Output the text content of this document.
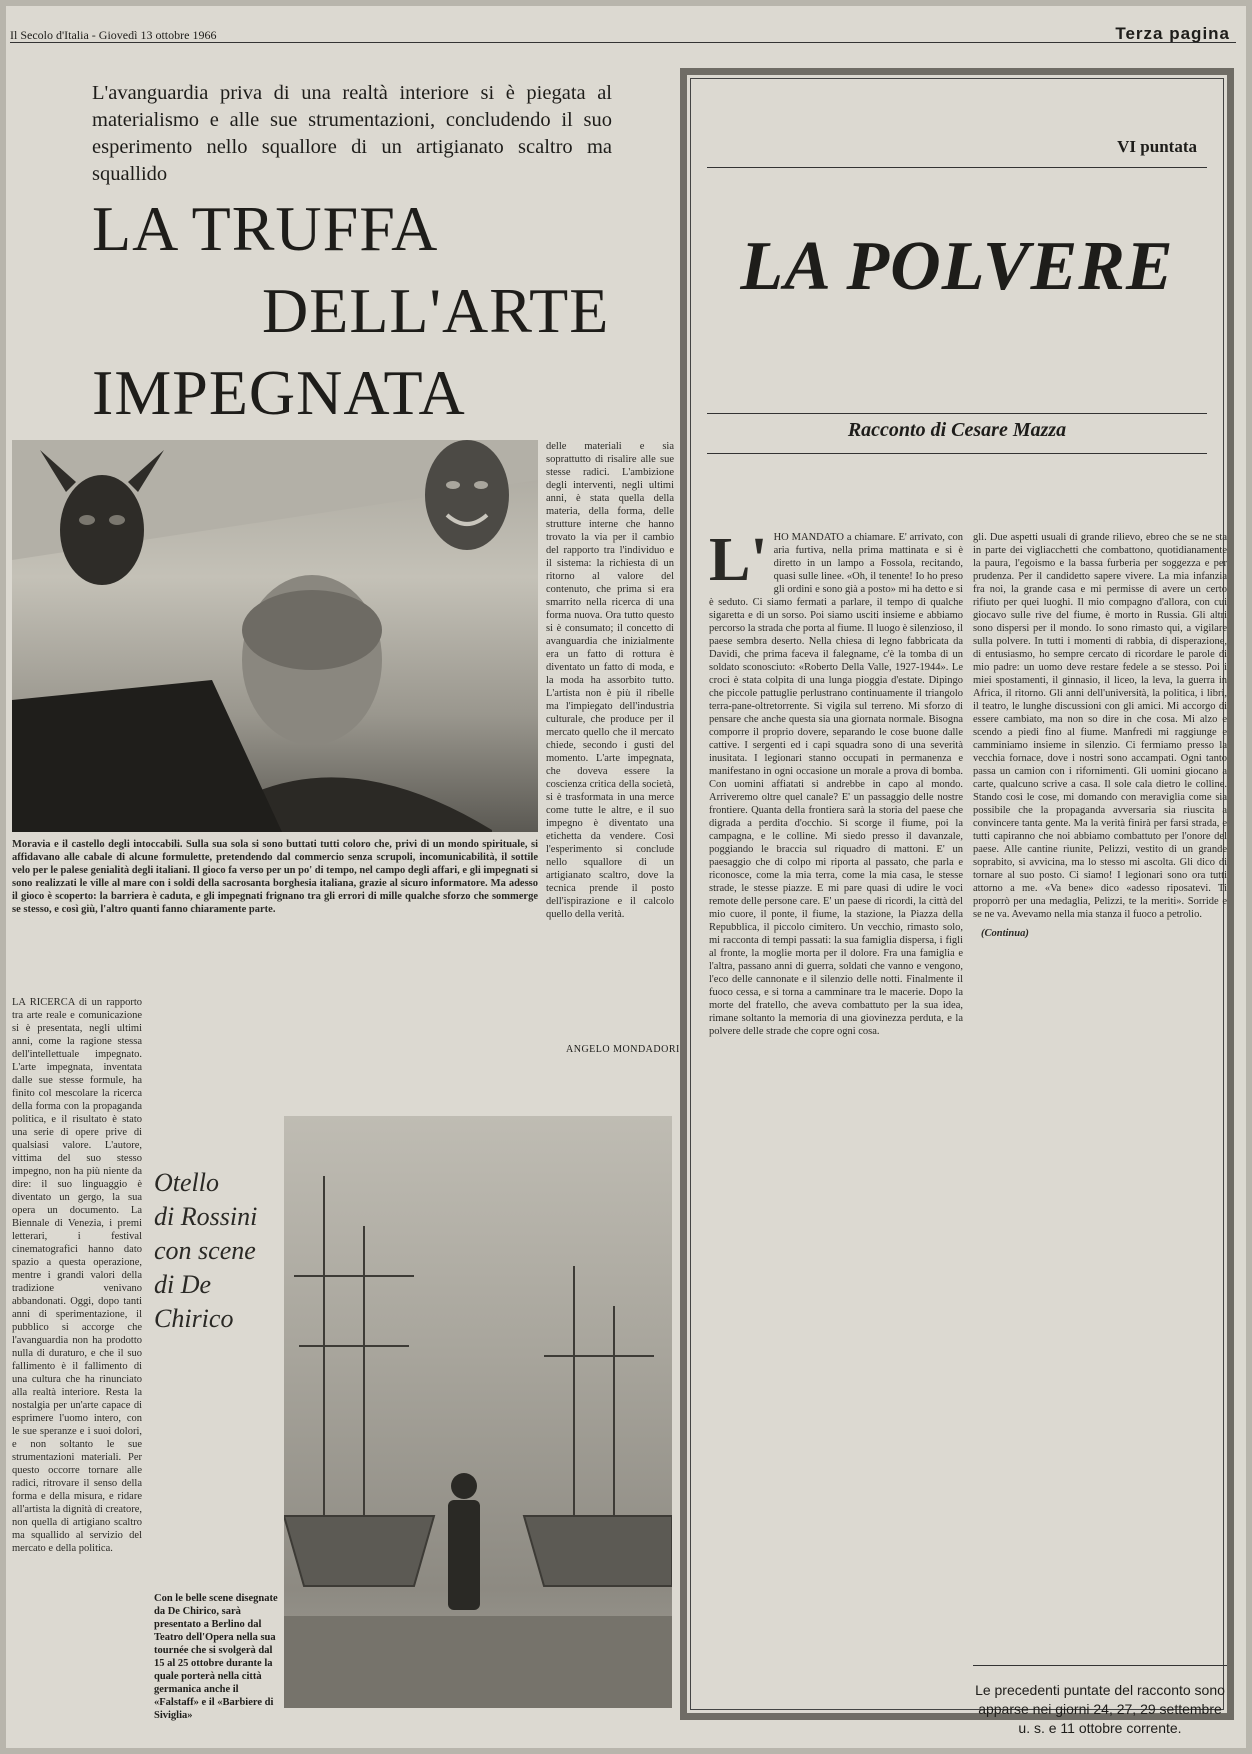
Il Secolo d'Italia - Giovedì 13 ottobre 1966	Terza pagina
L'avanguardia priva di una realtà interiore si è piegata al materialismo e alle sue strumentazioni, concludendo il suo esperimento nello squallore di un artigianato scaltro ma squallido
LA TRUFFA
DELL'ARTE
IMPEGNATA
delle materiali e sia soprattutto di risalire alle sue stesse radici. L'ambizione degli interventi, negli ultimi anni, è stata quella della materia, della forma, delle strutture interne che hanno trovato la via per il cambio del rapporto tra l'individuo e il sistema: la richiesta di un ritorno al valore del contenuto, che prima si era smarrito nella ricerca di una forma nuova. Ora tutto questo si è consumato; il concetto di avanguardia che inizialmente era un fatto di rottura è diventato un fatto di moda, e la moda ha assorbito tutto. L'artista non è più il ribelle ma l'impiegato dell'industria culturale, che produce per il mercato quello che il mercato chiede, secondo i gusti del momento. L'arte impegnata, che doveva essere la coscienza critica della società, si è trasformata in una merce come tutte le altre, e il suo impegno è diventato una etichetta da vendere. Così l'esperimento si conclude nello squallore di un artigianato scaltro, dove la tecnica prende il posto dell'ispirazione e il calcolo quello della verità.
Moravia e il castello degli intoccabili. Sulla sua sola si sono buttati tutti coloro che, privi di un mondo spirituale, si affidavano alle cabale di alcune formulette, pretendendo dal commercio senza scrupoli, incomunicabilità, il sottile velo per le palese genialità degli italiani. Il gioco fa verso per un po' di tempo, nel campo degli affari, e gli impegnati si sono realizzati le ville al mare con i soldi della sacrosanta borghesia italiana, grazie al sicuro informatore. Ma adesso il gioco è scoperto: la barriera è caduta, e gli impegnati frignano tra gli errori di mille qualche sforzo che sommerge se stesso, e così giù, l'altro quanti fanno chiaramente parte.
ANGELO MONDADORI
LA RICERCA di un rapporto tra arte reale e comunicazione si è presentata, negli ultimi anni, come la ragione stessa dell'intellettuale impegnato. L'arte impegnata, inventata dalle sue stesse formule, ha finito col mescolare la ricerca della forma con la propaganda politica, e il risultato è stato una serie di opere prive di qualsiasi valore. L'autore, vittima del suo stesso impegno, non ha più niente da dire: il suo linguaggio è diventato un gergo, la sua opera un documento. La Biennale di Venezia, i premi letterari, i festival cinematografici hanno dato spazio a questa operazione, mentre i grandi valori della tradizione venivano abbandonati. Oggi, dopo tanti anni di sperimentazione, il pubblico si accorge che l'avanguardia non ha prodotto nulla di duraturo, e che il suo fallimento è il fallimento di una cultura che ha rinunciato alla realtà interiore. Resta la nostalgia per un'arte capace di esprimere l'uomo intero, con le sue speranze e i suoi dolori, e non soltanto le sue strumentazioni materiali. Per questo occorre tornare alle radici, ritrovare il senso della forma e della misura, e ridare all'artista la dignità di creatore, non quella di artigiano scaltro ma squallido al servizio del mercato e della politica.
Otello
di Rossini
con scene
di De Chirico
Con le belle scene disegnate da De Chirico, sarà presentato a Berlino dal Teatro dell'Opera nella sua tournée che si svolgerà dal 15 al 25 ottobre durante la quale porterà nella città germanica anche il «Falstaff» e il «Barbiere di Siviglia»
VI puntata
LA POLVERE
Racconto di Cesare Mazza
L' HO MANDATO a chiamare. E' arrivato, con aria furtiva, nella prima mattinata e si è diretto in un lampo a Fossola, recitando, quasi sulle linee. «Oh, il tenente! Io ho preso gli ordini e sono già a posto» mi ha detto e si è seduto. Ci siamo fermati a parlare, il tempo di qualche sigaretta e di un sorso. Poi siamo usciti insieme e abbiamo percorso la strada che porta al fiume. Il luogo è silenzioso, il paese sembra deserto. Nella chiesa di legno fabbricata da Davidi, che prima faceva il falegname, c'è la tomba di un soldato sconosciuto: «Roberto Della Valle, 1927-1944». Le croci è stata colpita di una lunga pioggia d'estate. Dipingo che piccole pattuglie perlustrano continuamente il triangolo terra-pane-oltretorrente. Si vigila sul terreno. Mi sforzo di pensare che anche questa sia una giornata normale. Bisogna comporre il proprio dovere, separando le cose buone dalle cattive. I sergenti ed i capi squadra sono di una severità inusitata. I legionari stanno occupati in permanenza e manifestano in ogni occasione un morale a prova di bomba. Con uomini affiatati si andrebbe in capo al mondo. Arriveremo oltre quel canale? E' un passaggio delle nostre frontiere. Quanta della frontiera sarà la storia del paese che digrada a perdita d'occhio. Si scorge il fiume, poi la campagna, e le colline. Mi siedo presso il davanzale, poggiando le braccia sul riquadro di mattoni. E' un paesaggio che di colpo mi riporta al passato, che parla e riconosce, come la mia terra, come la mia casa, le stesse strade, le stesse piazze. E mi pare quasi di udire le voci remote delle persone care. E' un paese di ricordi, la città del mio cuore, il ponte, il fiume, la stazione, la Piazza della Repubblica, il piccolo cimitero. Un vecchio, rimasto solo, mi racconta di tempi passati: la sua famiglia dispersa, i figli al fronte, la moglie morta per il dolore. Fra una famiglia e l'altra, passano anni di guerra, soldati che vanno e vengono, l'eco delle cannonate e il silenzio delle notti. Finalmente il fuoco cessa, e si torna a camminare tra le macerie. Dopo la morte del fratello, che aveva combattuto per la sua idea, rimane soltanto la memoria di una giovinezza perduta, e la polvere delle strade che copre ogni cosa.
gli. Due aspetti usuali di grande rilievo, ebreo che se ne sta in parte dei vigliacchetti che combattono, quotidianamente la paura, l'egoismo e la bassa furberia per soggezza e per prudenza. Per il candidetto sapere vivere. La mia infanzia fra noi, la grande casa e mi permisse di avere un certo rifiuto per quei luoghi. Il mio compagno d'allora, con cui giocavo sulle rive del fiume, è morto in Russia. Gli altri sono dispersi per il mondo. Io sono rimasto qui, a vigilare sulla polvere. In tutti i momenti di rabbia, di disperazione, di entusiasmo, ho sempre cercato di ricordare le parole di mio padre: un uomo deve restare fedele a se stesso. Poi i miei spostamenti, il ginnasio, il liceo, la leva, la guerra in Africa, il ritorno. Gli anni dell'università, la politica, i libri, il teatro, le lunghe discussioni con gli amici. Mi accorgo di essere cambiato, ma non so dire in che cosa. Mi alzo e scendo a piedi fino al fiume. Manfredi mi raggiunge e camminiamo insieme in silenzio. Ci fermiamo presso la vecchia fornace, dove i nostri sono accampati. Ogni tanto passa un camion con i rifornimenti. Gli uomini giocano a carte, qualcuno scrive a casa. Il sole cala dietro le colline. Stando così le cose, mi domando con meraviglia come sia possibile che la propaganda avversaria sia riuscita a convincere tanta gente. Ma la verità finirà per farsi strada, e tutti capiranno che noi abbiamo combattuto per l'onore del paese. Alle cantine riunite, Pelizzi, vestito di un grande soprabito, si avvicina, ma lo stesso mi ascolta. Gli dico di tornare al suo posto. Ci siamo! I legionari sono ora tutti attorno a me. «Va bene» dico «adesso riposatevi. Ti proporrò per una medaglia, Pelizzi, te la meriti». Sorride e se ne va. Avevamo nella mia stanza il fuoco a petrolio.
(Continua)
Le precedenti puntate del racconto sono apparse nei giorni 24, 27, 29 settembre u. s. e 11 ottobre corrente.
